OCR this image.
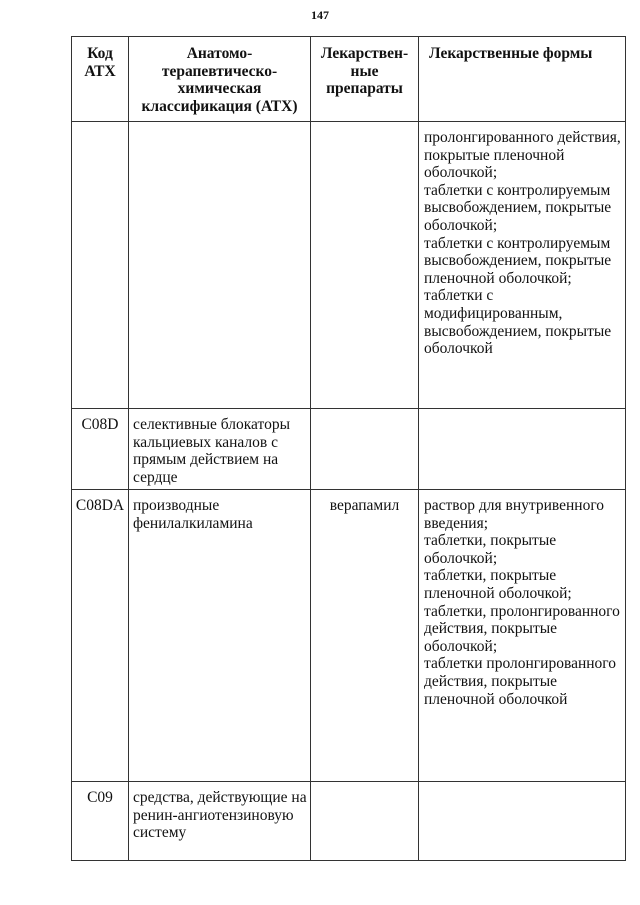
147
Код АТХ	Анатомо-терапевтическо-химическая классификация (АТХ)	Лекарствен-ные препараты	Лекарственные формы
			пролонгированного действия, покрытые пленочной оболочкой;
таблетки с контролируемым высвобождением, покрытые оболочкой;
таблетки с контролируемым высвобождением, покрытые пленочной оболочкой;
таблетки с модифицированным, высвобождением, покрытые оболочкой
C08D	селективные блокаторы кальциевых каналов с прямым действием на сердце		
C08DA	производные фенилалкиламина	верапамил	раствор для внутривенного введения;
таблетки, покрытые оболочкой;
таблетки, покрытые пленочной оболочкой;
таблетки, пролонгированного действия, покрытые оболочкой;
таблетки пролонгированного действия, покрытые пленочной оболочкой
C09	средства, действующие на ренин-ангиотензиновую систему		
